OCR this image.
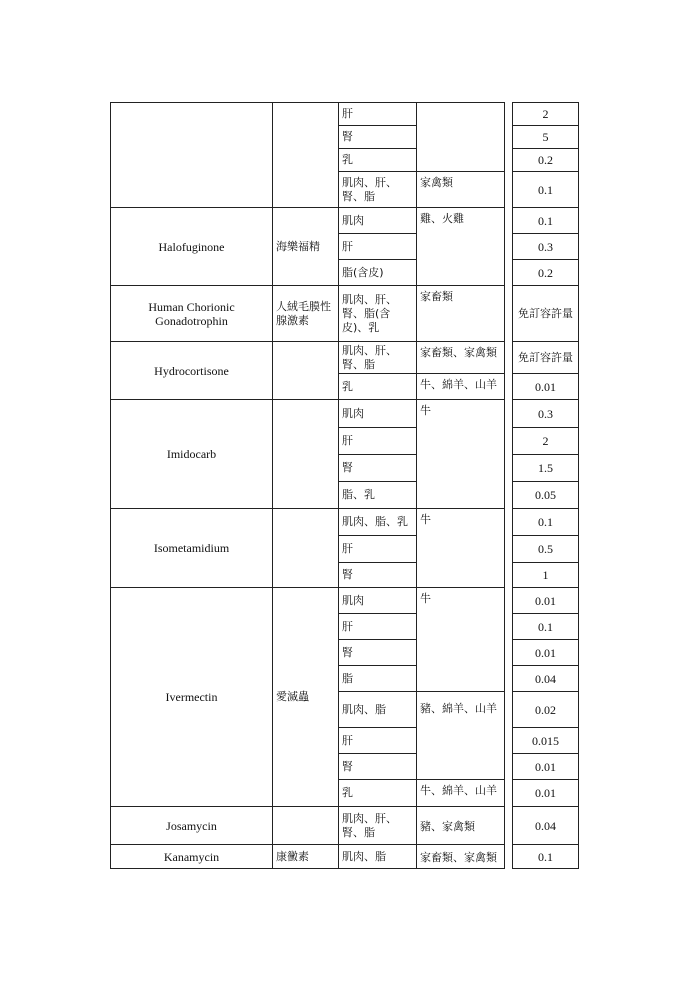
		肝			2
		腎			5
		乳			0.2
		肌肉、肝、腎、脂	家禽類		0.1
Halofuginone	海樂福精	肌肉	雞、火雞		0.1
		肝			0.3
		脂(含皮)			0.2
Human Chorionic Gonadotrophin	人絨毛膜性腺激素	肌肉、肝、腎、脂(含皮)、乳	家畜類		免訂容許量
Hydrocortisone		肌肉、肝、腎、脂	家畜類、家禽類		免訂容許量
		乳	牛、綿羊、山羊		0.01
Imidocarb		肌肉	牛		0.3
		肝			2
		腎			1.5
		脂、乳			0.05
Isometamidium		肌肉、脂、乳	牛		0.1
		肝			0.5
		腎			1
Ivermectin	愛滅蟲	肌肉	牛		0.01
		肝			0.1
		腎			0.01
		脂			0.04
		肌肉、脂	豬、綿羊、山羊		0.02
		肝			0.015
		腎			0.01
		乳	牛、綿羊、山羊		0.01
Josamycin		肌肉、肝、腎、脂	豬、家禽類		0.04
Kanamycin	康黴素	肌肉、脂	家畜類、家禽類		0.1
